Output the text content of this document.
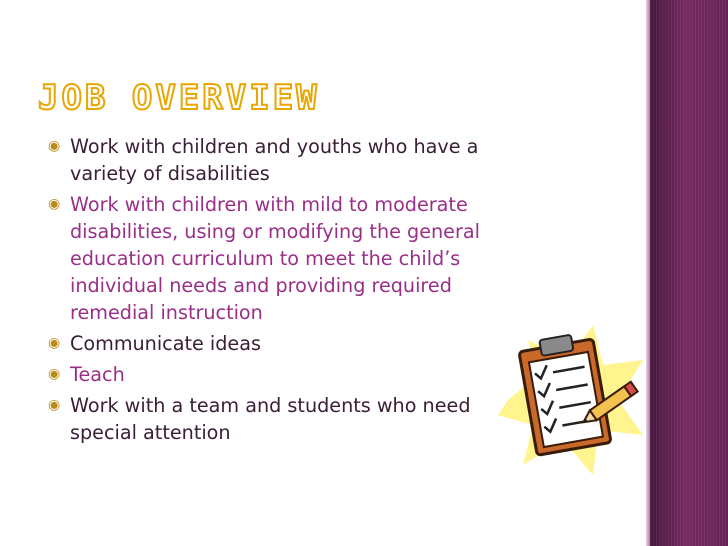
JOB OVERVIEW
◉ Work with children and youths who have a
variety of disabilities
◉ Work with children with mild to moderate
disabilities, using or modifying the general
education curriculum to meet the child’s
individual needs and providing required
remedial instruction
◉ Communicate ideas
◉ Teach
◉ Work with a team and students who need
special attention
